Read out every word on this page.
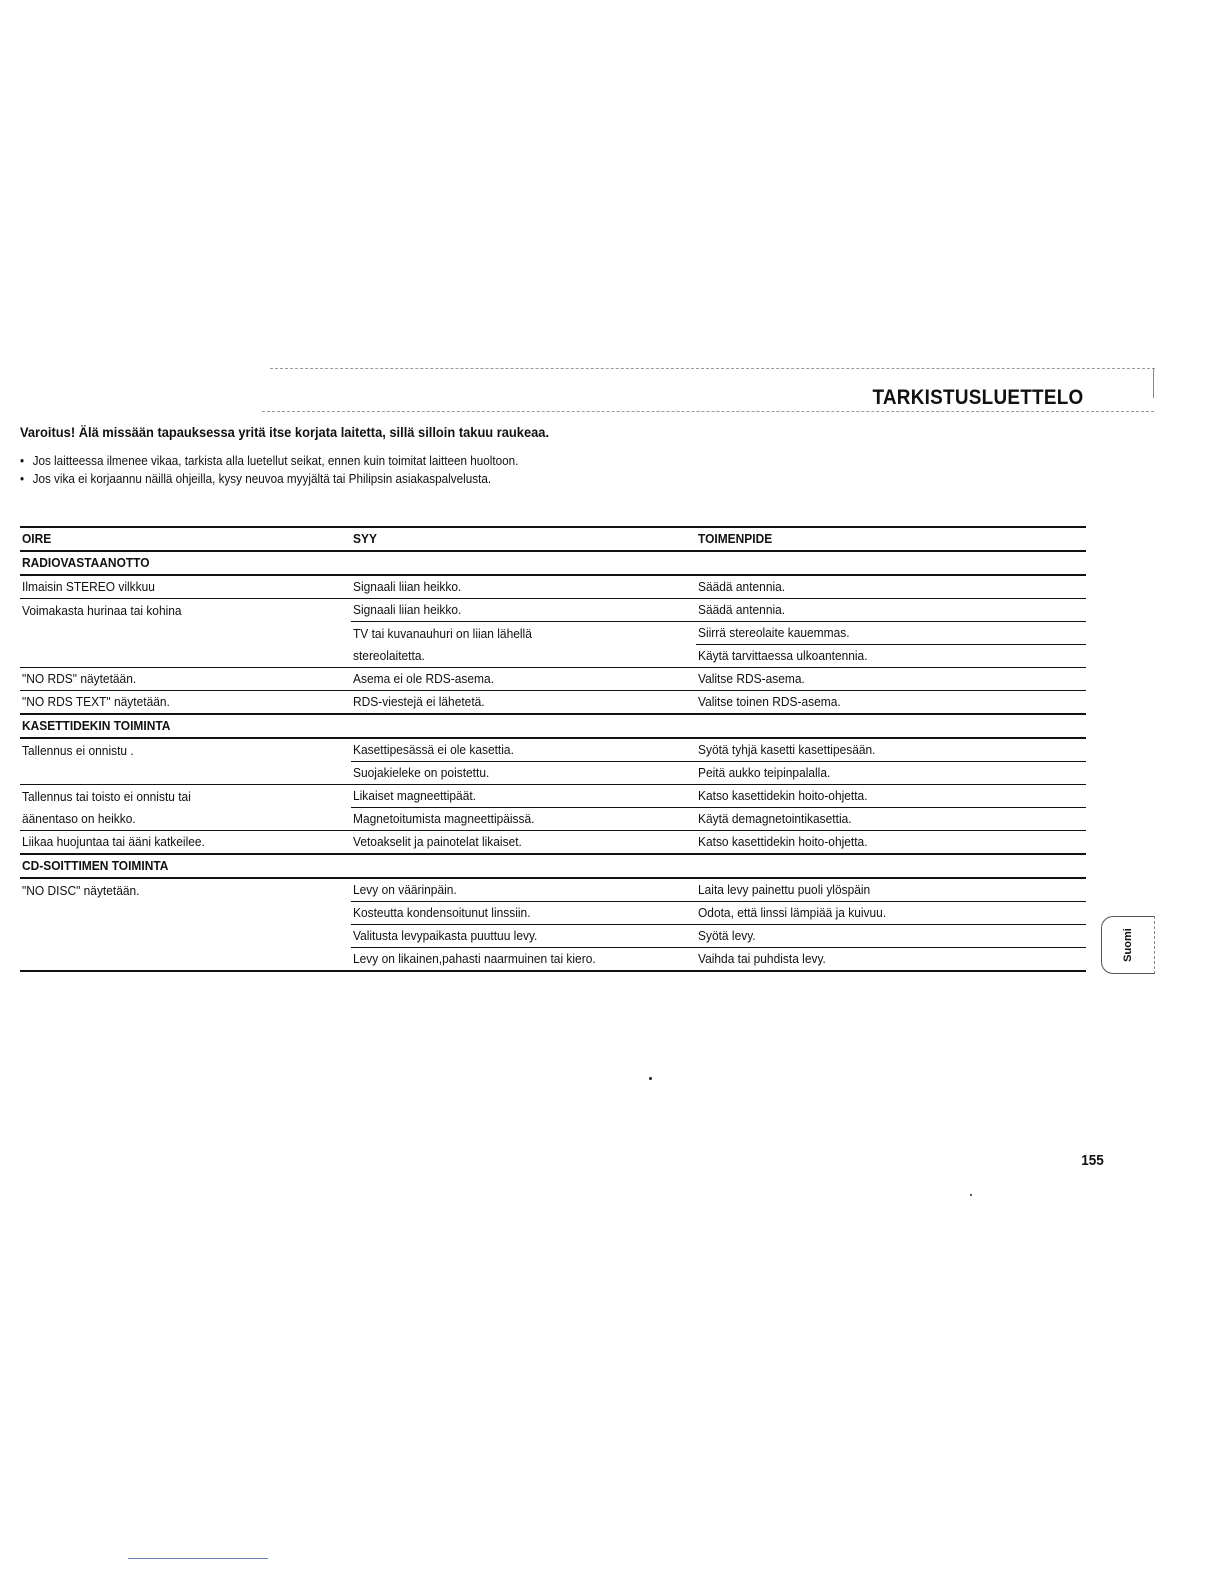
TARKISTUSLUETTELO
Varoitus! Älä missään tapauksessa yritä itse korjata laitetta, sillä silloin takuu raukeaa.
• Jos laitteessa ilmenee vikaa, tarkista alla luetellut seikat, ennen kuin toimitat laitteen huoltoon.
• Jos vika ei korjaannu näillä ohjeilla, kysy neuvoa myyjältä tai Philipsin asiakaspalvelusta.
OIRE	SYY	TOIMENPIDE
RADIOVASTAANOTTO		
Ilmaisin STEREO vilkkuu	Signaali liian heikko.	Säädä antennia.
Voimakasta hurinaa tai kohina	Signaali liian heikko.	Säädä antennia.
	TV tai kuvanauhuri on liian lähellä	Siirrä stereolaite kauemmas.
	stereolaitetta.	Käytä tarvittaessa ulkoantennia.
"NO RDS" näytetään.	Asema ei ole RDS-asema.	Valitse RDS-asema.
"NO RDS TEXT" näytetään.	RDS-viestejä ei lähetetä.	Valitse toinen RDS-asema.
KASETTIDEKIN TOIMINTA		
Tallennus ei onnistu .	Kasettipesässä ei ole kasettia.	Syötä tyhjä kasetti kasettipesään.
	Suojakieleke on poistettu.	Peitä aukko teipinpalalla.
Tallennus tai toisto ei onnistu tai	Likaiset magneettipäät.	Katso kasettidekin hoito-ohjetta.
äänentaso on heikko.	Magnetoitumista magneettipäissä.	Käytä demagnetointikasettia.
Liikaa huojuntaa tai ääni katkeilee.	Vetoakselit ja painotelat likaiset.	Katso kasettidekin hoito-ohjetta.
CD-SOITTIMEN TOIMINTA		
"NO DISC" näytetään.	Levy on väärinpäin.	Laita levy painettu puoli ylöspäin
	Kosteutta kondensoitunut linssiin.	Odota, että linssi lämpiää ja kuivuu.
	Valitusta levypaikasta puuttuu levy.	Syötä levy.
	Levy on likainen,pahasti naarmuinen tai kiero.	Vaihda tai puhdista levy.	Suomi
155
